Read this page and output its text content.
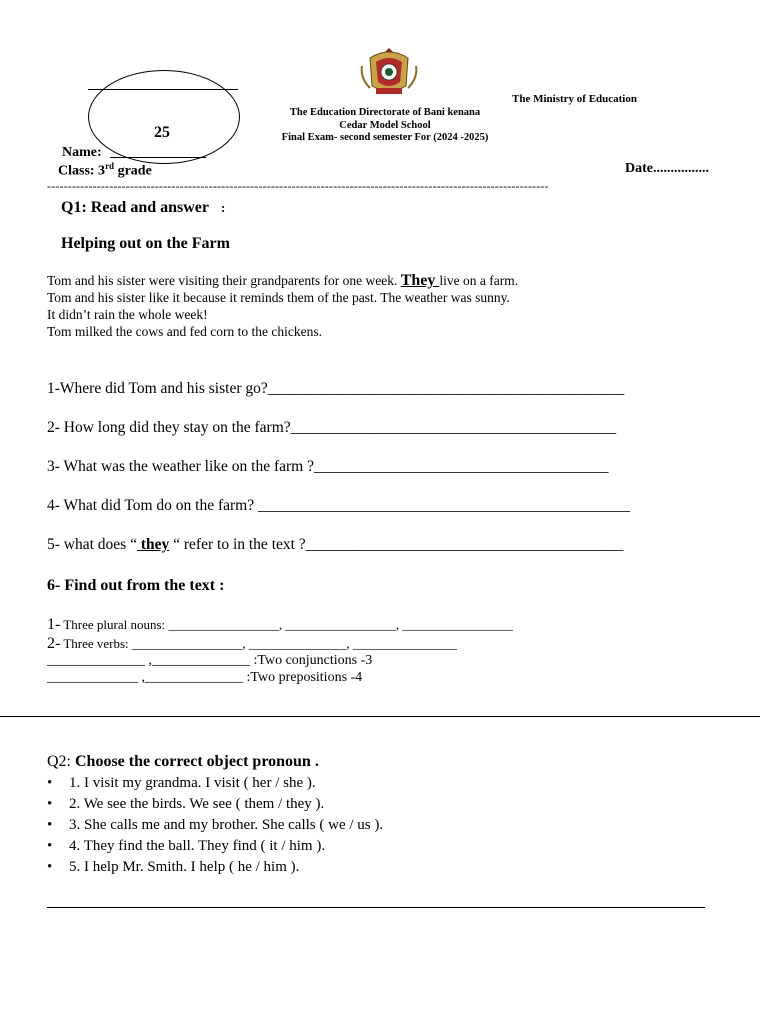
25
The Ministry of Education
The Education Directorate of Bani kenana
Cedar Model School
Final Exam- second semester For (2024 -2025)
Name:
Class: 3rd grade	Date................
-------------------------------------------------------------------------------------------------------------------------
Q1: Read and answer :
Helping out on the Farm
Tom and his sister were visiting their grandparents for one week. They live on a farm.
Tom and his sister like it because it reminds them of the past. The weather was sunny.
It didn’t rain the whole week!
Tom milked the cows and fed corn to the chickens.
1-Where did Tom and his sister go?______________________________________________
2- How long did they stay on the farm?__________________________________________
3- What was the weather like on the farm ?______________________________________
4- What did Tom do on the farm? ________________________________________________
5- what does “ they “ refer to in the text ?_________________________________________
6- Find out from the text :
1- Three plural nouns: _________________, _________________, _________________
2- Three verbs: _________________, _______________, ________________
______________ ,______________ :Two conjunctions -3
_____________ ,______________ :Two prepositions -4
Q2: Choose the correct object pronoun .
• 1. I visit my grandma. I visit ( her / she ).
• 2. We see the birds. We see ( them / they ).
• 3. She calls me and my brother. She calls ( we / us ).
• 4. They find the ball. They find ( it / him ).
• 5. I help Mr. Smith. I help ( he / him ).
